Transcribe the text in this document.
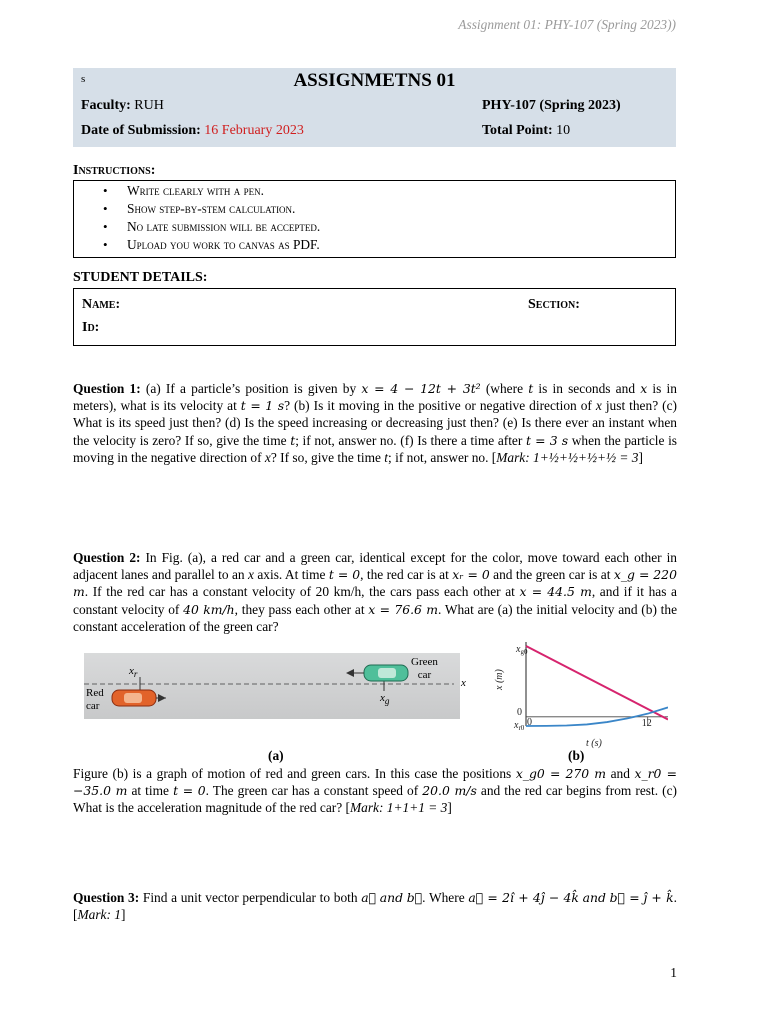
Assignment 01: PHY-107 (Spring 2023))
s	ASSIGNMETNS 01
Faculty: RUH	PHY-107 (Spring 2023)
Date of Submission: 16 February 2023	Total Point: 10
Instructions:
• Write clearly with a pen.
• Show step-by-stem calculation.
• No late submission will be accepted.
• Upload you work to canvas as PDF.
STUDENT DETAILS:
Name:	Section:
Id:
Question 1: (a) If a particle’s position is given by x = 4 − 12t + 3t² (where t is in seconds and x is in meters), what is its velocity at t = 1 s? (b) Is it moving in the positive or negative direction of x just then? (c) What is its speed just then? (d) Is the speed increasing or decreasing just then? (e) Is there ever an instant when the velocity is zero? If so, give the time t; if not, answer no. (f) Is there a time after t = 3 s when the particle is moving in the negative direction of x? If so, give the time t; if not, answer no. [Mark: 1+½+½+½+½ = 3]
Question 2: In Fig. (a), a red car and a green car, identical except for the color, move toward each other in adjacent lanes and parallel to an x axis. At time t = 0, the red car is at xᵣ = 0 and the green car is at x_g = 220 m. If the red car has a constant velocity of 20 km/h, the cars pass each other at x = 44.5 m, and if it has a constant velocity of 40 km/h, they pass each other at x = 76.6 m. What are (a) the initial velocity and (b) the constant acceleration of the green car?
$x_r$
$x_g$
Green
car
Red
car
x
$x_{g0}$
0
$x_{r0}$ 0	12
t (s)
x (m)
(a)	(b)
Figure (b) is a graph of motion of red and green cars. In this case the positions x_g0 = 270 m and x_r0 = −35.0 m at time t = 0. The green car has a constant speed of 20.0 m/s and the red car begins from rest. (c) What is the acceleration magnitude of the red car? [Mark: 1+1+1 = 3]
Question 3: Find a unit vector perpendicular to both a⃗ and b⃗. Where a⃗ = 2î + 4ĵ − 4k̂ and b⃗ = ĵ + k̂. [Mark: 1]
1
